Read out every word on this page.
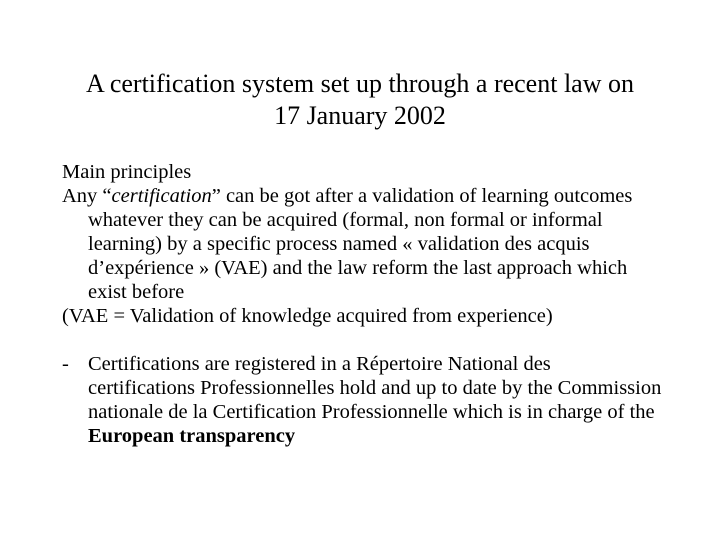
A certification system set up through a recent law on
17 January 2002

Main principles

Any “certification” can be got after a validation of learning outcomes whatever they can be acquired (formal, non formal or informal learning) by a specific process named « validation des acquis d’expérience » (VAE) and the law reform the last approach which exist before

(VAE = Validation of knowledge acquired from experience)

- Certifications are registered in a Répertoire National des certifications Professionnelles hold and up to date by the Commission nationale de la Certification Professionnelle which is in charge of the European transparency
